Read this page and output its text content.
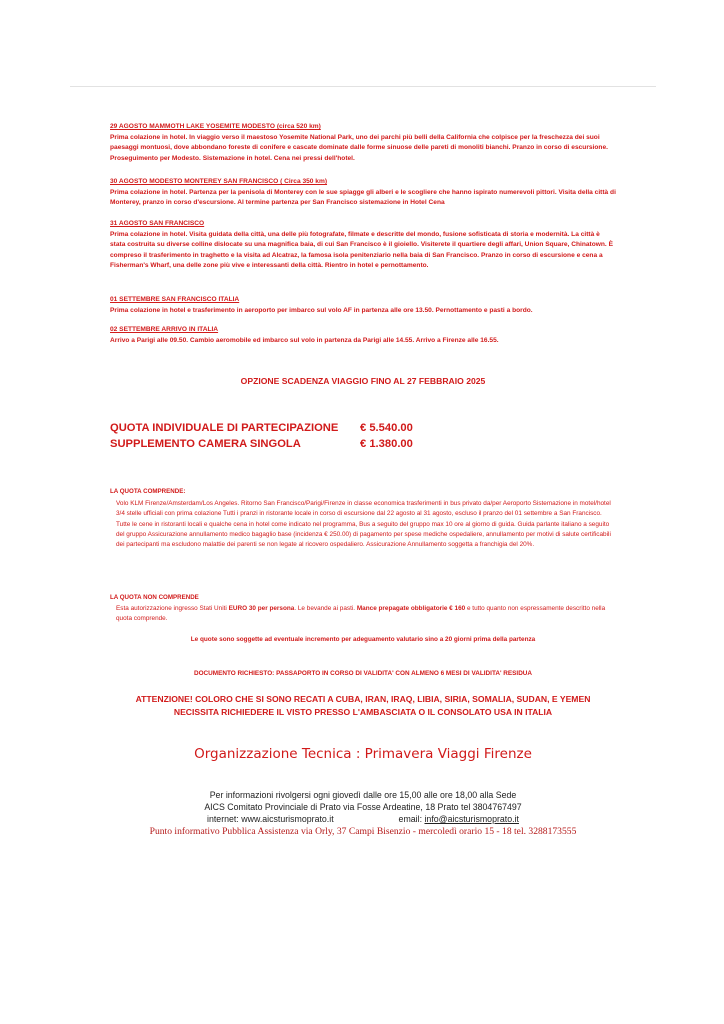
29 AGOSTO MAMMOTH LAKE YOSEMITE MODESTO (circa 520 km)
Prima colazione in hotel. In viaggio verso il maestoso Yosemite National Park, uno dei parchi più belli della California che colpisce per la freschezza dei suoi paesaggi montuosi, dove abbondano foreste di conifere e cascate dominate dalle forme sinuose delle pareti di monoliti bianchi. Pranzo in corso di escursione. Proseguimento per Modesto. Sistemazione in hotel. Cena nei pressi dell'hotel.
30 AGOSTO MODESTO MONTEREY SAN FRANCISCO ( Circa 350 km)
Prima colazione in hotel. Partenza per la penisola di Monterey con le sue spiagge gli alberi e le scogliere che hanno ispirato numerevoli pittori. Visita della città di Monterey, pranzo in corso d'escursione. Al termine partenza per San Francisco sistemazione in Hotel Cena
31 AGOSTO SAN FRANCISCO
Prima colazione in hotel. Visita guidata della città, una delle più fotografate, filmate e descritte del mondo, fusione sofisticata di storia e modernità. La città è stata costruita su diverse colline dislocate su una magnifica baia, di cui San Francisco è il gioiello. Visiterete il quartiere degli affari, Union Square, Chinatown. È compreso il trasferimento in traghetto e la visita ad Alcatraz, la famosa isola penitenziario nella baia di San Francisco. Pranzo in corso di escursione e cena a Fisherman's Wharf, una delle zone più vive e interessanti della città. Rientro in hotel e pernottamento.
01 SETTEMBRE SAN FRANCISCO ITALIA
Prima colazione in hotel e trasferimento in aeroporto per imbarco sul volo AF in partenza alle ore 13.50. Pernottamento e pasti a bordo.
02 SETTEMBRE ARRIVO IN ITALIA
Arrivo a Parigi alle 09.50. Cambio aeromobile ed imbarco sul volo in partenza da Parigi alle 14.55. Arrivo a Firenze alle 16.55.
OPZIONE SCADENZA VIAGGIO FINO AL 27 FEBBRAIO 2025
QUOTA INDIVIDUALE DI PARTECIPAZIONE € 5.540.00
SUPPLEMENTO CAMERA SINGOLA	€ 1.380.00
LA QUOTA COMPRENDE:
Volo KLM Firenze/Amsterdam/Los Angeles. Ritorno San Francisco/Parigi/Firenze in classe economica trasferimenti in bus privato da/per Aeroporto Sistemazione in motel/hotel 3/4 stelle ufficiali con prima colazione Tutti i pranzi in ristorante locale in corso di escursione dal 22 agosto al 31 agosto, escluso il pranzo del 01 settembre a San Francisco. Tutte le cene in ristoranti locali e qualche cena in hotel come indicato nel programma, Bus a seguito del gruppo max 10 ore al giorno di guida. Guida parlante italiano a seguito del gruppo Assicurazione annullamento medico bagaglio base (incidenza € 250.00) di pagamento per spese mediche ospedaliere, annullamento per motivi di salute certificabili dei partecipanti ma escludono malattie dei parenti se non legate al ricovero ospedaliero. Assicurazione Annullamento soggetta a franchigia del 20%.
LA QUOTA NON COMPRENDE
Esta autorizzazione ingresso Stati Uniti EURO 30 per persona. Le bevande ai pasti. Mance prepagate obbligatorie € 160 e tutto quanto non espressamente descritto nella quota comprende.
Le quote sono soggette ad eventuale incremento per adeguamento valutario sino a 20 giorni prima della partenza
DOCUMENTO RICHIESTO: PASSAPORTO IN CORSO DI VALIDITA' CON ALMENO 6 MESI DI VALIDITA' RESIDUA
ATTENZIONE! COLORO CHE SI SONO RECATI A CUBA, IRAN, IRAQ, LIBIA, SIRIA, SOMALIA, SUDAN, E YEMEN
NECISSITA RICHIEDERE IL VISTO PRESSO L'AMBASCIATA O IL CONSOLATO USA IN ITALIA
Organizzazione Tecnica : Primavera Viaggi Firenze
Per informazioni rivolgersi ogni giovedì dalle ore 15,00 alle ore 18,00 alla Sede
AICS Comitato Provinciale di Prato via Fosse Ardeatine, 18 Prato tel 3804767497
internet: www.aicsturismoprato.it	email: info@aicsturismoprato.it
Punto informativo Pubblica Assistenza via Orly, 37 Campi Bisenzio - mercoledì orario 15 - 18 tel. 3288173555
